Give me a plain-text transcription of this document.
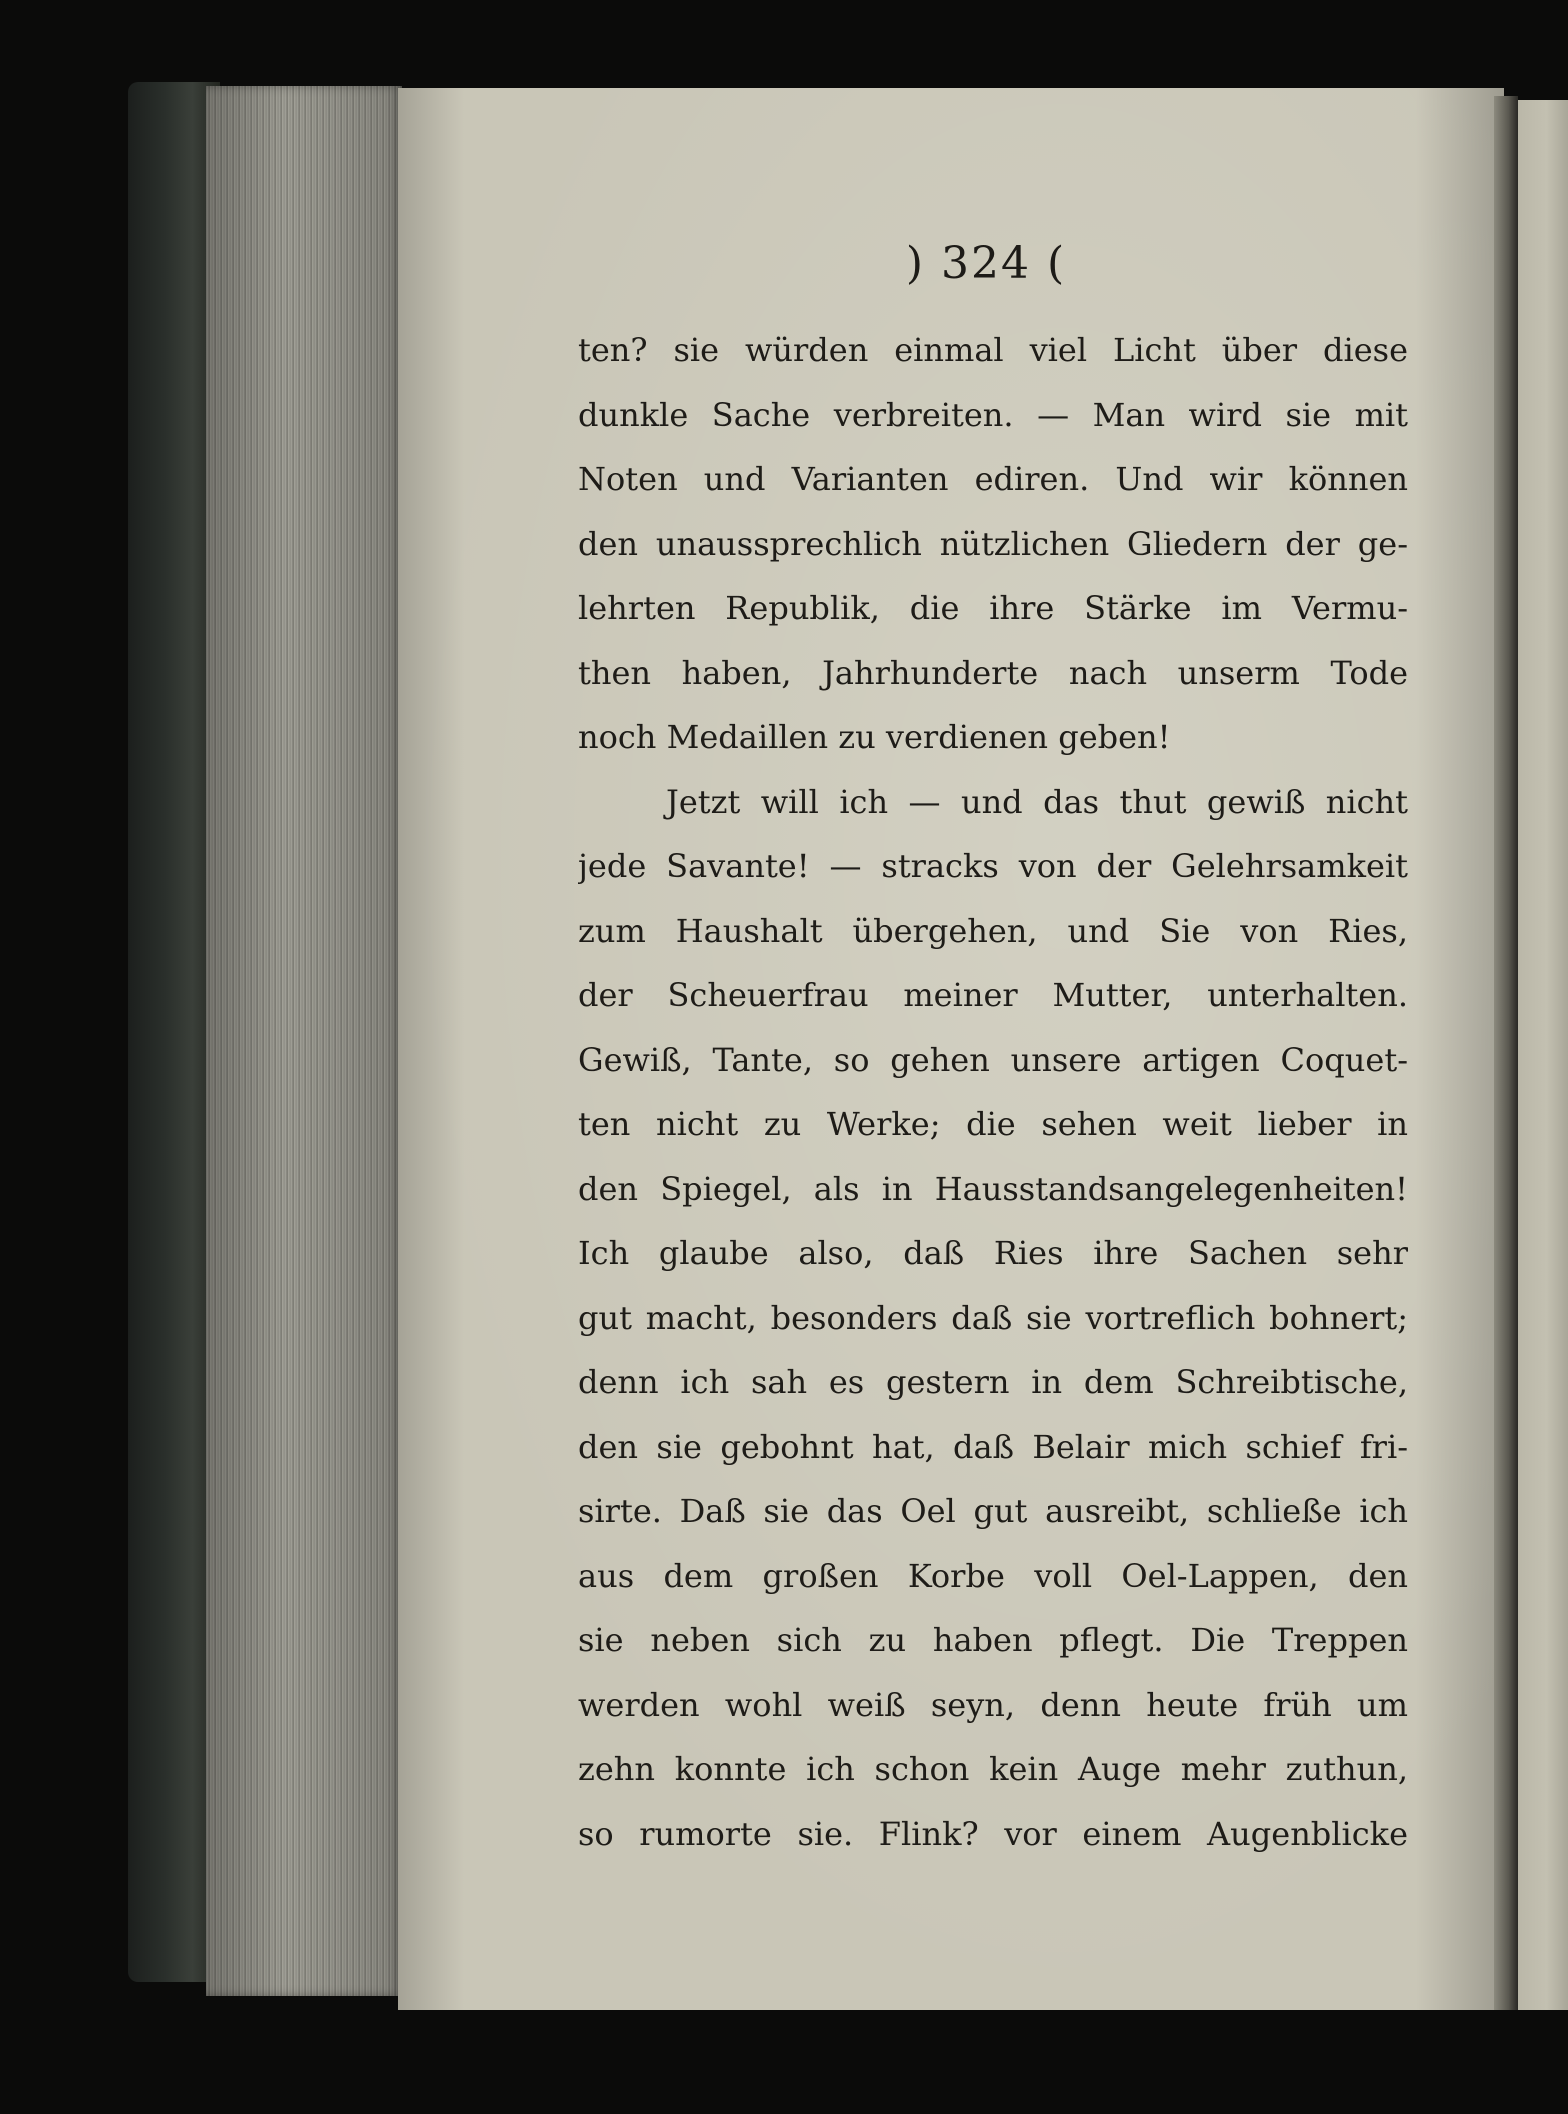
) 324 (
ten? sie würden einmal viel Licht über diese
dunkle Sache verbreiten. — Man wird sie mit
Noten und Varianten ediren. Und wir können
den unaussprechlich nützlichen Gliedern der ge-
lehrten Republik, die ihre Stärke im Vermu-
then haben, Jahrhunderte nach unserm Tode
noch Medaillen zu verdienen geben!
Jetzt will ich — und das thut gewiß nicht
jede Savante! — stracks von der Gelehrsamkeit
zum Haushalt übergehen, und Sie von Ries,
der Scheuerfrau meiner Mutter, unterhalten.
Gewiß, Tante, so gehen unsere artigen Coquet-
ten nicht zu Werke; die sehen weit lieber in
den Spiegel, als in Hausstandsangelegenheiten!
Ich glaube also, daß Ries ihre Sachen sehr
gut macht, besonders daß sie vortreflich bohnert;
denn ich sah es gestern in dem Schreibtische,
den sie gebohnt hat, daß Belair mich schief fri-
sirte. Daß sie das Oel gut ausreibt, schließe ich
aus dem großen Korbe voll Oel-Lappen, den
sie neben sich zu haben pflegt. Die Treppen
werden wohl weiß seyn, denn heute früh um
zehn konnte ich schon kein Auge mehr zuthun,
so rumorte sie. Flink? vor einem Augenblicke
